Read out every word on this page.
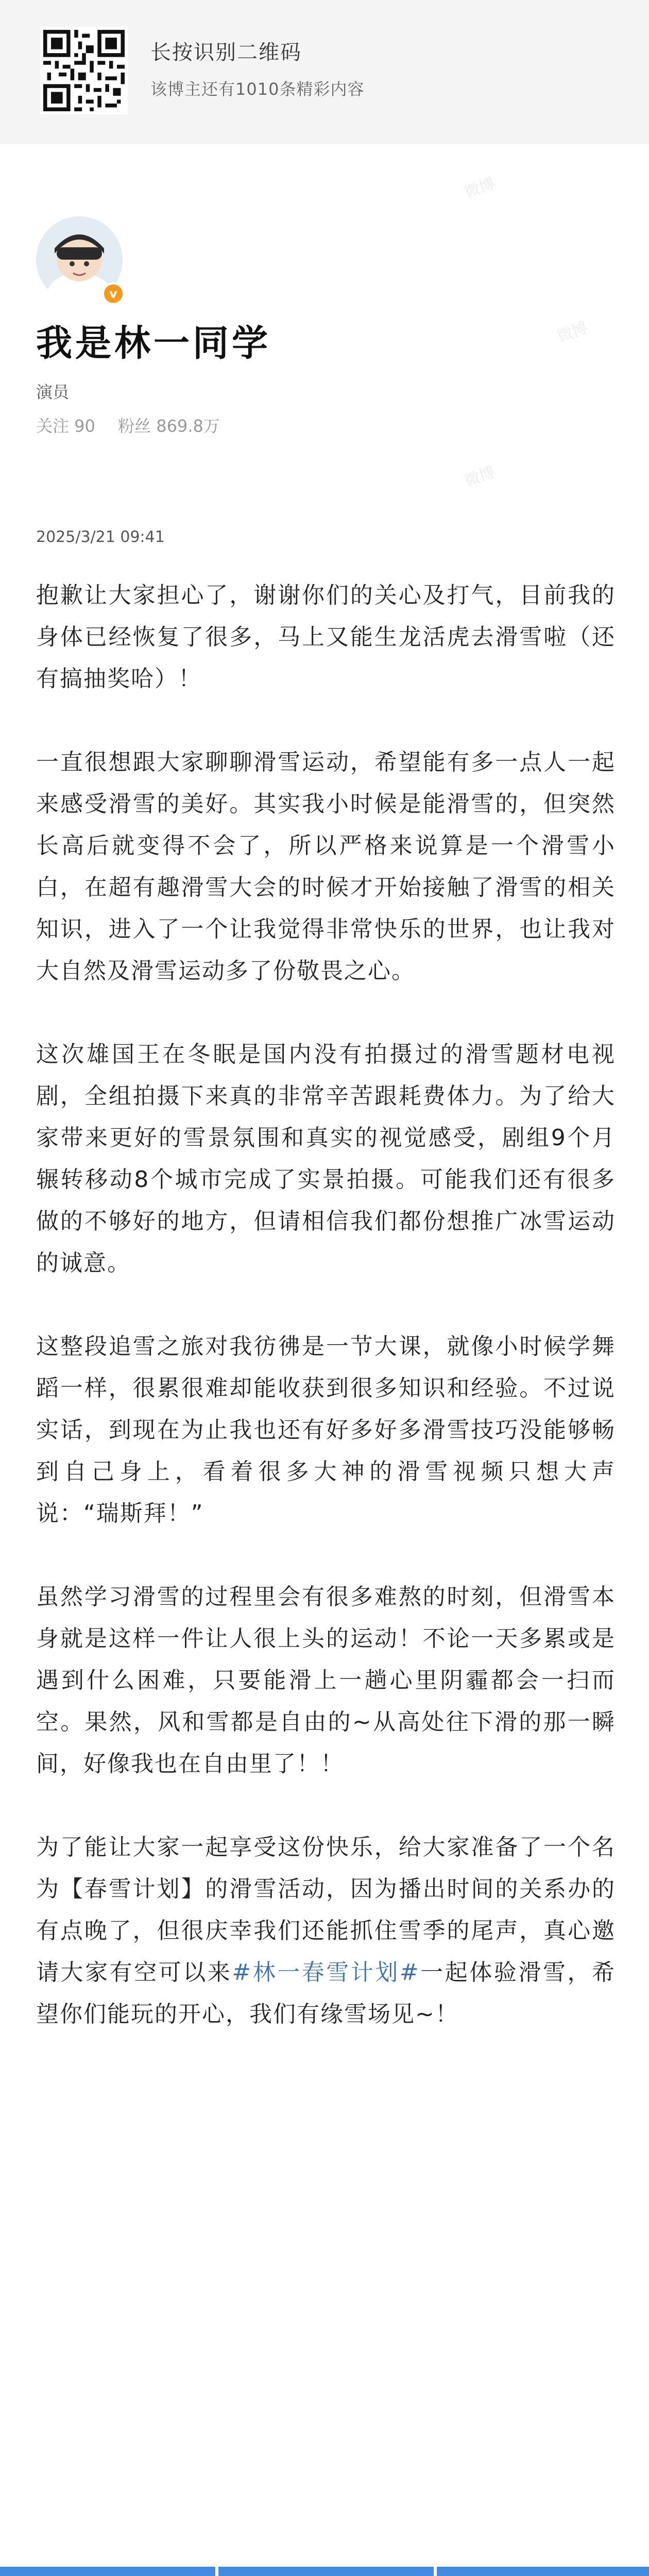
长按识别二维码
该博主还有1010条精彩内容
微博
微博
微博
v
我是林一同学
演员
关注 90 粉丝 869.8万
2025/3/21 09:41

抱歉让大家担心了，谢谢你们的关心及打气，目前我的身体已经恢复了很多，马上又能生龙活虎去滑雪啦（还有搞抽奖哈）！

一直很想跟大家聊聊滑雪运动，希望能有多一点人一起来感受滑雪的美好。其实我小时候是能滑雪的，但突然长高后就变得不会了，所以严格来说算是一个滑雪小白，在超有趣滑雪大会的时候才开始接触了滑雪的相关知识，进入了一个让我觉得非常快乐的世界，也让我对大自然及滑雪运动多了份敬畏之心。

这次雄国王在冬眠是国内没有拍摄过的滑雪题材电视剧，全组拍摄下来真的非常辛苦跟耗费体力。为了给大家带来更好的雪景氛围和真实的视觉感受，剧组9个月辗转移动8个城市完成了实景拍摄。可能我们还有很多做的不够好的地方，但请相信我们都份想推广冰雪运动的诚意。

这整段追雪之旅对我彷彿是一节大课，就像小时候学舞蹈一样，很累很难却能收获到很多知识和经验。不过说实话，到现在为止我也还有好多好多滑雪技巧没能够畅到自己身上，看着很多大神的滑雪视频只想大声说：“瑞斯拜！”

虽然学习滑雪的过程里会有很多难熬的时刻，但滑雪本身就是这样一件让人很上头的运动！不论一天多累或是遇到什么困难，只要能滑上一趟心里阴霾都会一扫而空。果然，风和雪都是自由的~从高处往下滑的那一瞬间，好像我也在自由里了！！

为了能让大家一起享受这份快乐，给大家准备了一个名为【春雪计划】的滑雪活动，因为播出时间的关系办的有点晚了，但很庆幸我们还能抓住雪季的尾声，真心邀请大家有空可以来#林一春雪计划#一起体验滑雪，希望你们能玩的开心，我们有缘雪场见~！
